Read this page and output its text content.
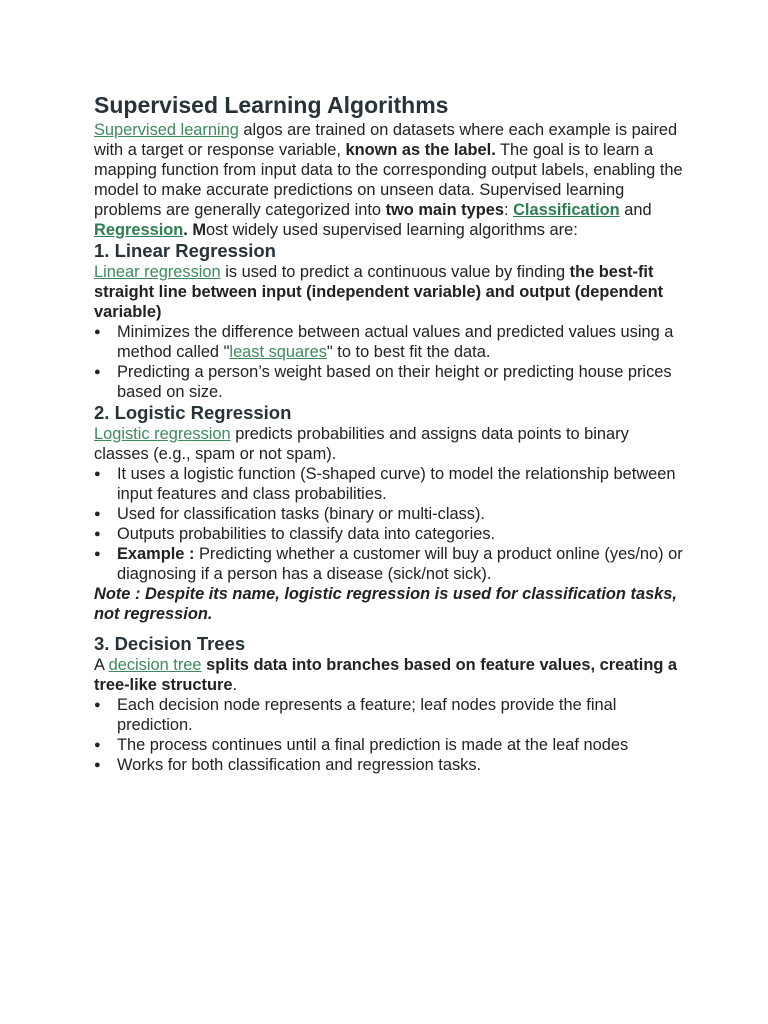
Supervised Learning Algorithms

Supervised learning algos are trained on datasets where each example is paired with a target or response variable, known as the label. The goal is to learn a mapping function from input data to the corresponding output labels, enabling the model to make accurate predictions on unseen data. Supervised learning problems are generally categorized into two main types: Classification and Regression. Most widely used supervised learning algorithms are:

1. Linear Regression

Linear regression is used to predict a continuous value by finding the best-fit straight line between input (independent variable) and output (dependent variable)

● Minimizes the difference between actual values and predicted values using a method called "least squares" to to best fit the data.
● Predicting a person’s weight based on their height or predicting house prices based on size.
2. Logistic Regression

Logistic regression predicts probabilities and assigns data points to binary classes (e.g., spam or not spam).

● It uses a logistic function (S-shaped curve) to model the relationship between input features and class probabilities.
● Used for classification tasks (binary or multi-class).
● Outputs probabilities to classify data into categories.
● Example : Predicting whether a customer will buy a product online (yes/no) or diagnosing if a person has a disease (sick/not sick).

Note : Despite its name, logistic regression is used for classification tasks, not regression.

3. Decision Trees

A decision tree splits data into branches based on feature values, creating a tree-like structure.

● Each decision node represents a feature; leaf nodes provide the final prediction.
● The process continues until a final prediction is made at the leaf nodes
● Works for both classification and regression tasks.
